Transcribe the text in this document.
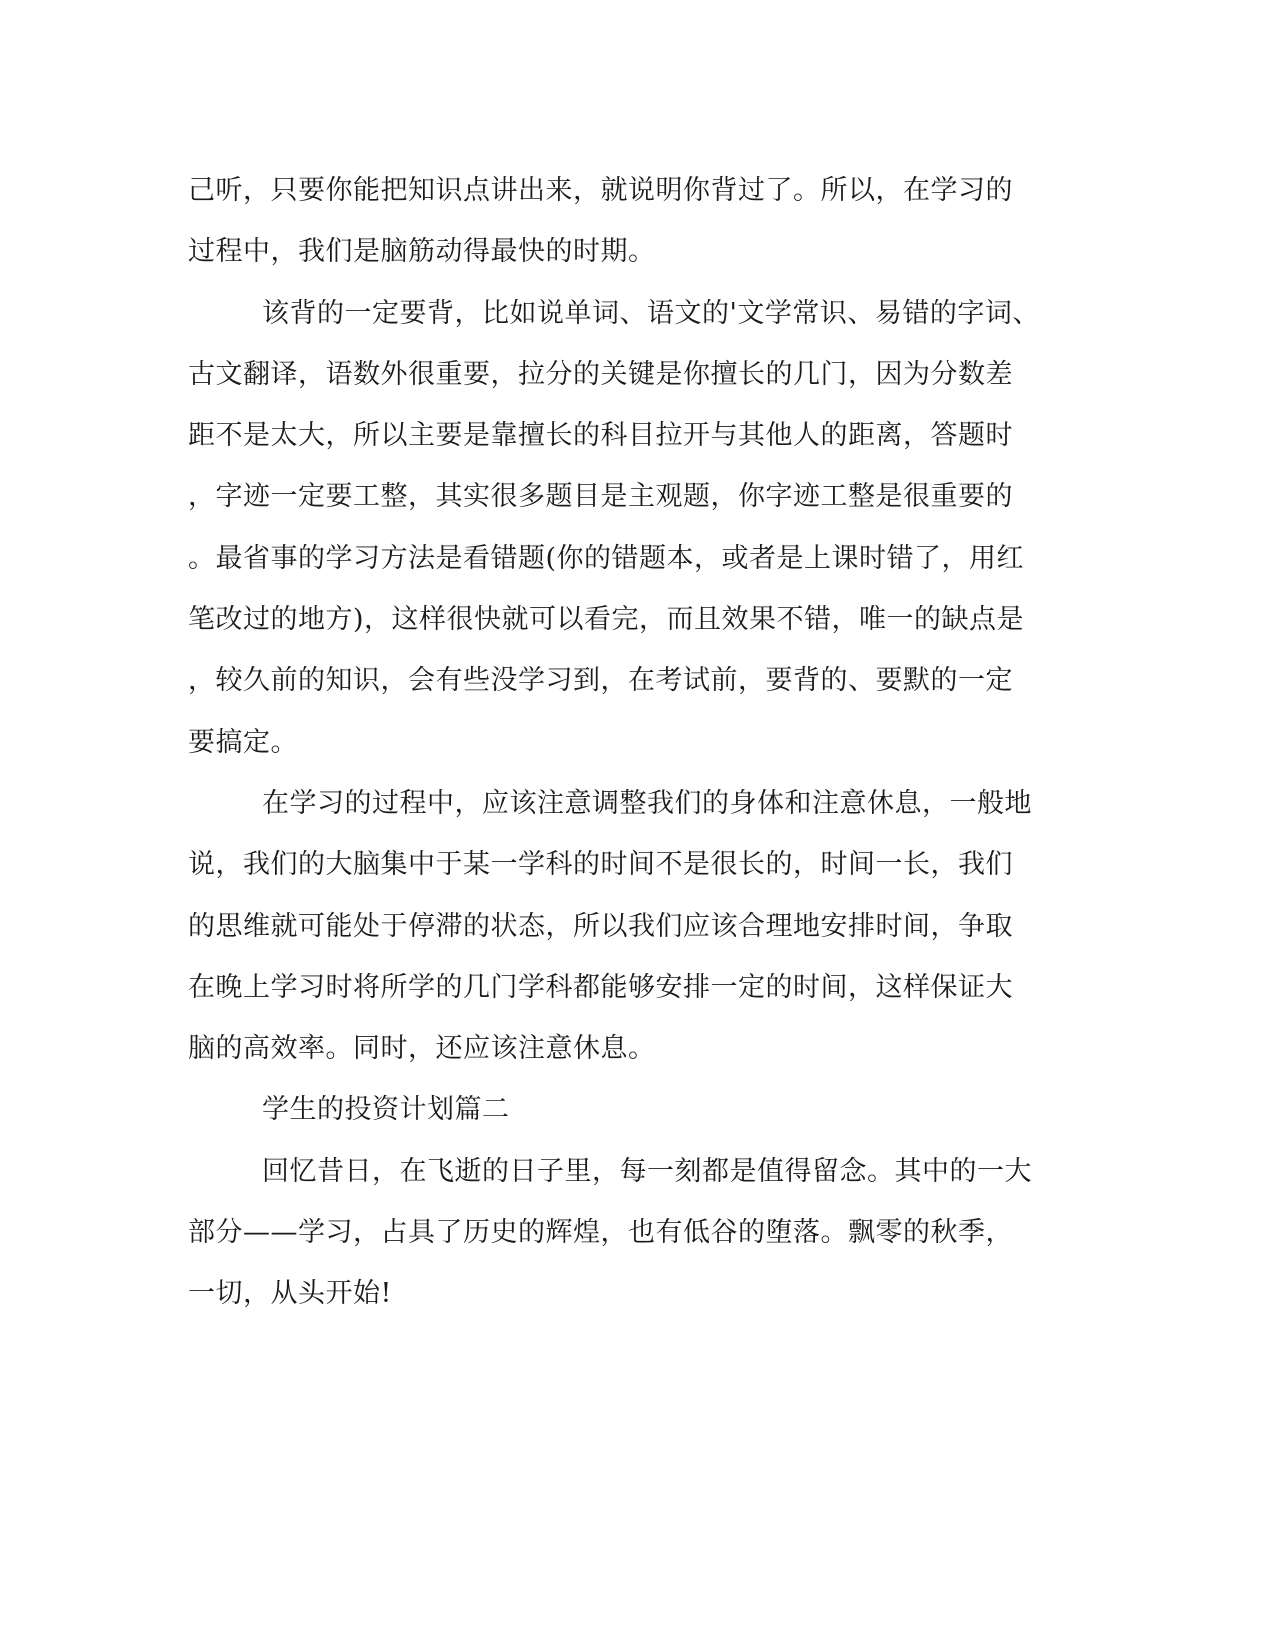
己听，只要你能把知识点讲出来，就说明你背过了。所以，在学习的
过程中，我们是脑筋动得最快的时期。
该背的一定要背，比如说单词、语文的'文学常识、易错的字词、
古文翻译，语数外很重要，拉分的关键是你擅长的几门，因为分数差
距不是太大，所以主要是靠擅长的科目拉开与其他人的距离，答题时
，字迹一定要工整，其实很多题目是主观题，你字迹工整是很重要的
。最省事的学习方法是看错题(你的错题本，或者是上课时错了，用红
笔改过的地方)，这样很快就可以看完，而且效果不错，唯一的缺点是
，较久前的知识，会有些没学习到，在考试前，要背的、要默的一定
要搞定。
在学习的过程中，应该注意调整我们的身体和注意休息，一般地
说，我们的大脑集中于某一学科的时间不是很长的，时间一长，我们
的思维就可能处于停滞的状态，所以我们应该合理地安排时间，争取
在晚上学习时将所学的几门学科都能够安排一定的时间，这样保证大
脑的高效率。同时，还应该注意休息。
学生的投资计划篇二
回忆昔日，在飞逝的日子里，每一刻都是值得留念。其中的一大
部分——学习，占具了历史的辉煌，也有低谷的堕落。飘零的秋季，
一切，从头开始!
